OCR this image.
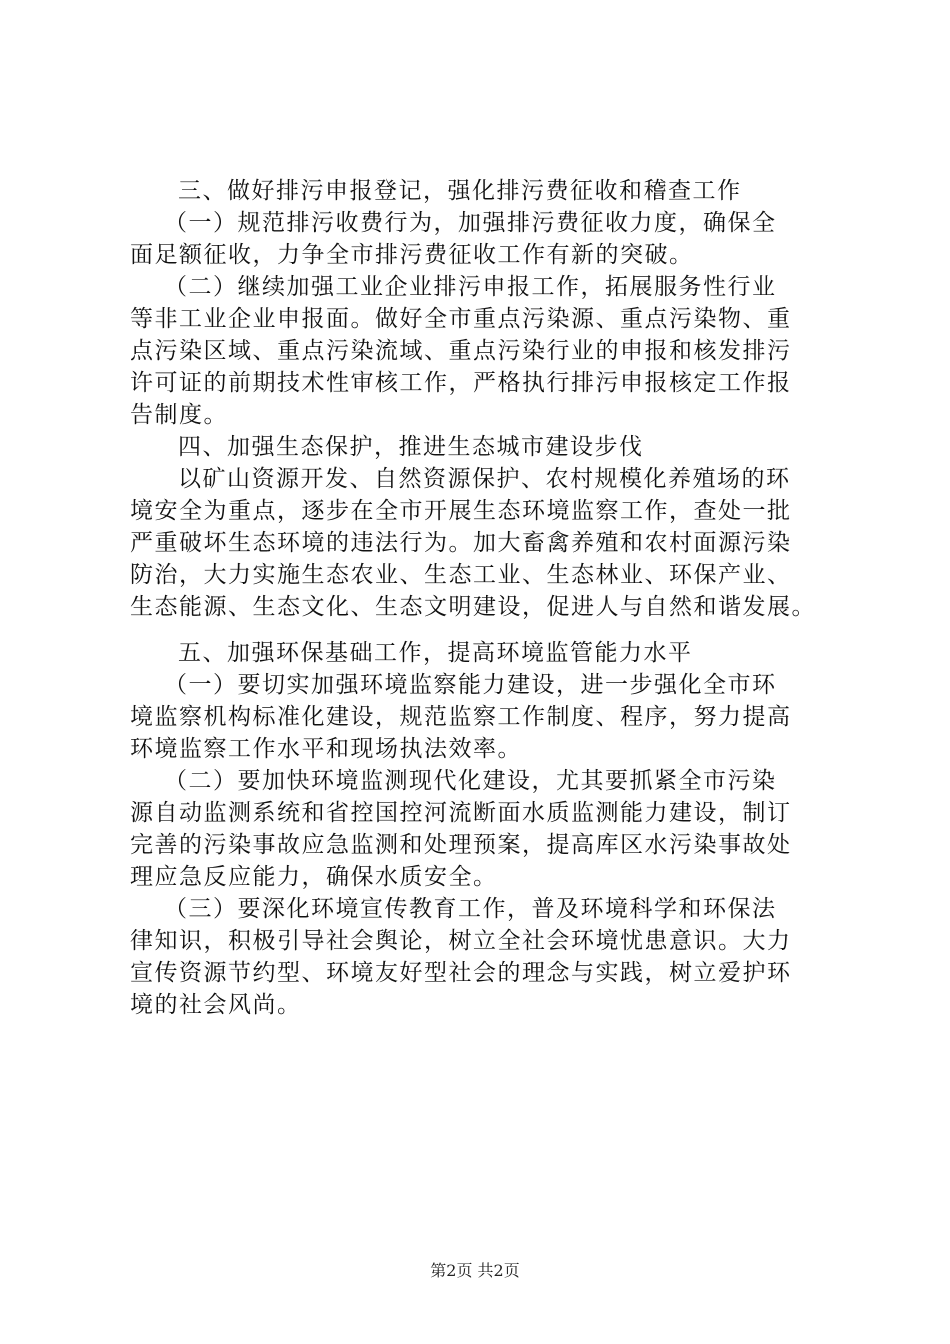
三、做好排污申报登记，强化排污费征收和稽查工作
（一）规范排污收费行为，加强排污费征收力度，确保全
面足额征收，力争全市排污费征收工作有新的突破。
（二）继续加强工业企业排污申报工作，拓展服务性行业
等非工业企业申报面。做好全市重点污染源、重点污染物、重
点污染区域、重点污染流域、重点污染行业的申报和核发排污
许可证的前期技术性审核工作，严格执行排污申报核定工作报
告制度。
四、加强生态保护，推进生态城市建设步伐
以矿山资源开发、自然资源保护、农村规模化养殖场的环
境安全为重点，逐步在全市开展生态环境监察工作，查处一批
严重破坏生态环境的违法行为。加大畜禽养殖和农村面源污染
防治，大力实施生态农业、生态工业、生态林业、环保产业、
生态能源、生态文化、生态文明建设，促进人与自然和谐发展。
五、加强环保基础工作，提高环境监管能力水平
（一）要切实加强环境监察能力建设，进一步强化全市环
境监察机构标准化建设，规范监察工作制度、程序，努力提高
环境监察工作水平和现场执法效率。
（二）要加快环境监测现代化建设，尤其要抓紧全市污染
源自动监测系统和省控国控河流断面水质监测能力建设，制订
完善的污染事故应急监测和处理预案，提高库区水污染事故处
理应急反应能力，确保水质安全。
（三）要深化环境宣传教育工作，普及环境科学和环保法
律知识，积极引导社会舆论，树立全社会环境忧患意识。大力
宣传资源节约型、环境友好型社会的理念与实践，树立爱护环
境的社会风尚。
第2页 共2页
